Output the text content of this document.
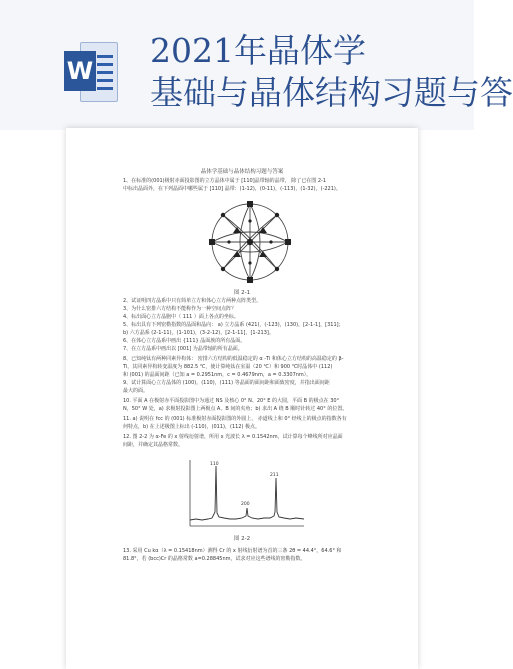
W
2021年晶体学
基础与晶体结构习题与答
晶体学基础与晶体结构习题与答案
1、在标准的(001)极射赤面投影图的立方晶体中属于 [110]晶带轴的晶带， 除了已在图 2-1
中标出晶面外，在下列晶面中哪些属于 [110] 晶带：(1-12)，(0-11)，(-113)，(1-32)，(-221)。
图 2-1
2、试证明四方晶系中只有简单立方和体心立方两种点阵类型。
3、为什么密排六方结构不能称作为一种空间点阵？
4、标出面心立方晶胞中（ 111 ）面上各点的坐标。
5、标出具有下列密勒指数的晶面和晶向： a) 立方晶系 (421)，(-123)，(130)，[2-1-1]，[311]；
b) 六方晶系 (2-1-11)，(1-101)，(3-2-12)，[2-1-11]，[1-213]。
6、在体心立方晶系中画出 {111} 晶面族的所有晶面。
7、在立方晶系中画出以 [001] 为晶带轴的所有晶面。
8、已知纯钛有两种同素异构体： 密排六方结构的低温稳定的 α -Ti 和体心立方结构的高温稳定的 β-
Ti，其同素异构转变温度为 882.5 ℃，使计算纯钛在室温（20 ℃）和 900 ℃时晶体中 (112)
和 (001) 的晶面间距（已知 a = 0.2951nm，c = 0.4679nm，a = 0.3307nm）。
9、试计算面心立方晶体的 (100)，(110)，(111) 等晶面的面间距和面致密度，并指出面间距
最大的面。
10. 平面 A 在极射赤平面投影图中为通过 NS 及核心 0° N、20° E 的大圆，平面 B 的极点在 30°
N，50° W 处，a) 求极射投影图上两极点 A、B 间的夹角；b) 求出 A 绕 B 顺时针转过 40° 的位置。
11. a) 说明在 fcc 的 (001) 标准极射赤面投影图的外圆上， 赤道线上和 0° 经线上的极点的指数各有
何特点，b) 在上述极图上标出 (-110)，(011)，(112) 极点。
12. 图 2-2 为 α-Fe 的 x 射线衍射谱，所用 x 光波长 λ = 0.1542nm，试计算每个峰线所对应晶面
间距，并确定其晶格常数。
110
200
211
图 2-2
13. 采用 Cu kα（λ = 0.15418nm）测得 Cr 的 x 射线衍射谱为首的三条 2θ = 44.4°，64.6° 和
81.8°，若 (bcc)Cr 的晶格常数 a=0.28845nm，试求对应这些谱线的密勒指数。
